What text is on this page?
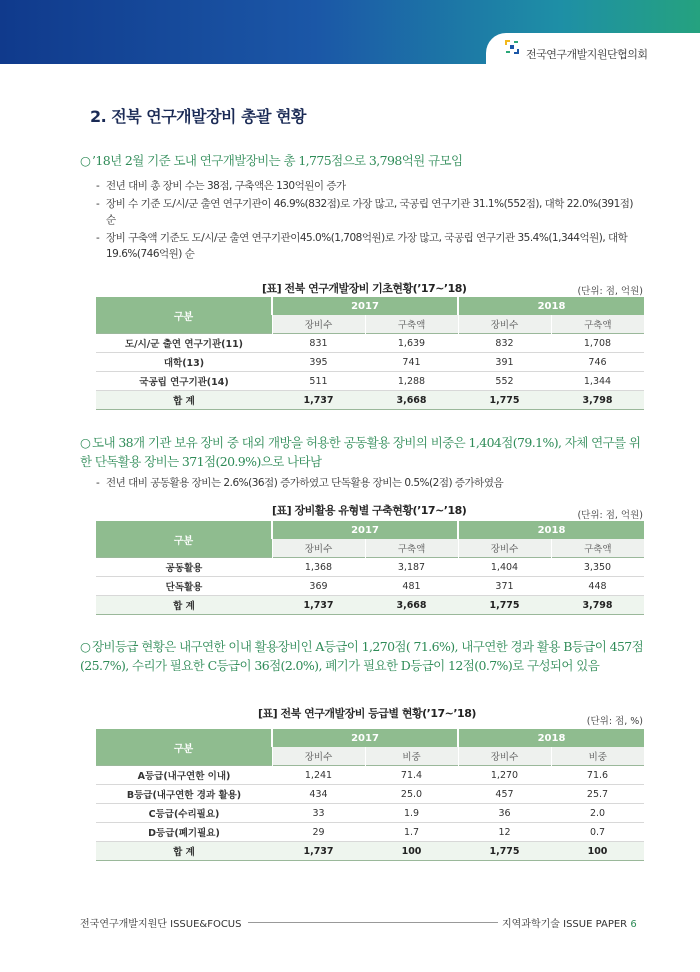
전국연구개발지원단협의회
2. 전북 연구개발장비 총괄 현황
○ ’18년 2월 기준 도내 연구개발장비는 총 1,775점으로 3,798억원 규모임
- 전년 대비 총 장비 수는 38점, 구축액은 130억원이 증가
- 장비 수 기준 도/시/군 출연 연구기관이 46.9%(832점)로 가장 많고, 국공립 연구기관 31.1%(552점), 대학 22.0%(391점) 순
- 장비 구축액 기준도 도/시/군 출연 연구기관이45.0%(1,708억원)로 가장 많고, 국공립 연구기관 35.4%(1,344억원), 대학 19.6%(746억원) 순
[표] 전북 연구개발장비 기초현황(’17~’18)	(단위: 점, 억원)
구분	2017		2018	
	장비수	구축액	장비수	구축액
도/시/군 출연 연구기관(11)	831	1,639	832	1,708
대학(13)	395	741	391	746
국공립 연구기관(14)	511	1,288	552	1,344
합 계	1,737	3,668	1,775	3,798
○ 도내 38개 기관 보유 장비 중 대외 개방을 허용한 공동활용 장비의 비중은 1,404점(79.1%), 자체 연구를 위한 단독활용 장비는 371점(20.9%)으로 나타남
- 전년 대비 공동활용 장비는 2.6%(36점) 증가하였고 단독활용 장비는 0.5%(2점) 증가하였음
[표] 장비활용 유형별 구축현황(’17~’18)	(단위: 점, 억원)
구분	2017		2018	
	장비수	구축액	장비수	구축액
공동활용	1,368	3,187	1,404	3,350
단독활용	369	481	371	448
합 계	1,737	3,668	1,775	3,798
○ 장비등급 현황은 내구연한 이내 활용장비인 A등급이 1,270점( 71.6%), 내구연한 경과 활용 B등급이 457점(25.7%), 수리가 필요한 C등급이 36점(2.0%), 폐기가 필요한 D등급이 12점(0.7%)로 구성되어 있음
[표] 전북 연구개발장비 등급별 현황(’17~’18)
(단위: 점, %)
구분	2017		2018	
	장비수	비중	장비수	비중
A등급(내구연한 이내)	1,241	71.4	1,270	71.6
B등급(내구연한 경과 활용)	434	25.0	457	25.7
C등급(수리필요)	33	1.9	36	2.0
D등급(폐기필요)	29	1.7	12	0.7
합 계	1,737	100	1,775	100
전국연구개발지원단 ISSUE&FOCUS	지역과학기술 ISSUE PAPER 6
